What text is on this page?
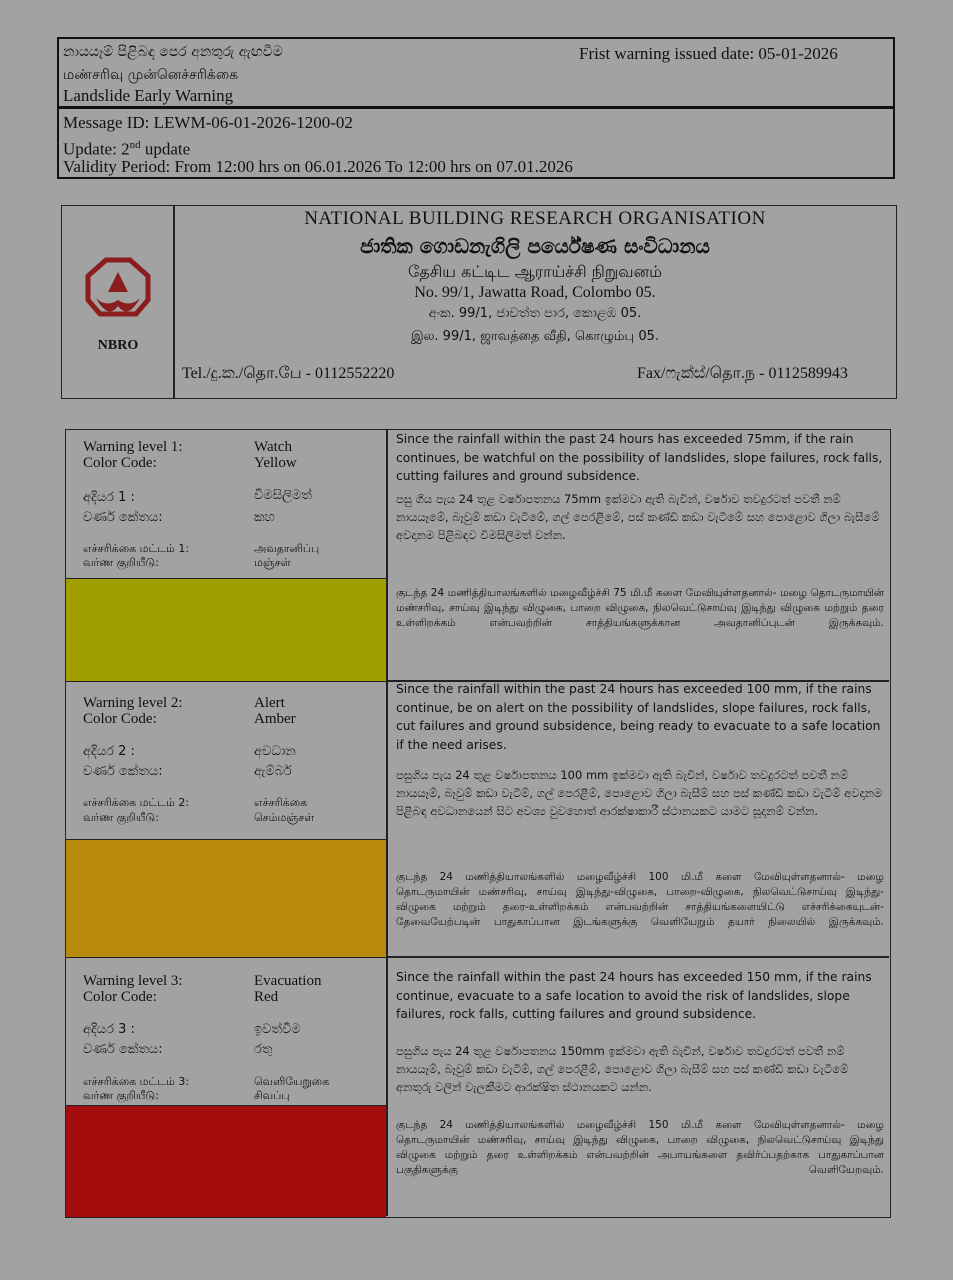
නායයෑම් පිළිබඳ පෙර අනතුරු ඇඟවීම
மண்சரிவு முன்னெச்சரிக்கை
Landslide Early Warning
Frist warning issued date: 05-01-2026
Message ID: LEWM-06-01-2026-1200-02
Update: 2nd update
Validity Period: From 12:00 hrs on 06.01.2026 To 12:00 hrs on 07.01.2026
NBRO
NATIONAL BUILDING RESEARCH ORGANISATION
ජාතික ගොඩනැගිලි පර්යේෂණ සංවිධානය
தேசிய கட்டிட ஆராய்ச்சி நிறுவனம்
No. 99/1, Jawatta Road, Colombo 05.
අංක. 99/1, ජාවත්ත පාර, කොළඹ 05.
இல. 99/1, ஜாவத்தை வீதி, கொழும்பு 05.
Tel./දු.ක./தொ.பே - 0112552220	Fax/ෆැක්ස්/தொ.ந - 0112589943
Warning level 1:	Watch
Color Code:	Yellow
අදියර 1 :	විමසිලිමත්
වර්ණ කේතය:	කහ
எச்சரிக்கை மட்டம் 1:	அவதானிப்பு
வர்ண குறியீடு:	மஞ்சள்
Since the rainfall within the past 24 hours has exceeded 75mm, if the rain continues, be watchful on the possibility of landslides, slope failures, rock falls, cutting failures and ground subsidence.
පසු ගිය පැය 24 තුළ වර්ෂාපතනය 75mm ඉක්මවා ඇති බැවින්, වර්ෂාව තවදුරටත් පවතී නම් නායයෑමේ, බෑවුම් කඩා වැටීමේ, ගල් පෙරළීමේ, පස් කණ්ඩි කඩා වැටීමේ සහ පොළොව ගිලා බැසීමේ අවදානම පිළිබඳව විමසිලිමත් වන්න.
குடந்த 24 மணித்தியாலங்களில் மழைவீழ்ச்சி 75 மி.மீ களை மேவியுள்ளதனால்- மழை தொடருமாயின் மண்சரிவு, சாய்வு இடிந்து விழுகை, பாறை விழுகை, நிலவெட்டுசாய்வு இடிந்து விழுகை மற்றும் தரை உள்ளிறக்கம் என்பவற்றின் சாத்தியங்களுக்கான அவதானிப்புடன் இருக்கவும்.
Warning level 2:	Alert
Color Code:	Amber
අදියර 2 :	අවධාන
වර්ණ කේතය:	ඇම්බර්
எச்சரிக்கை மட்டம் 2:	எச்சரிக்கை
வர்ண குறியீடு:	செம்மஞ்சள்
Since the rainfall within the past 24 hours has exceeded 100 mm, if the rains continue, be on alert on the possibility of landslides, slope failures, rock falls, cut failures and ground subsidence, being ready to evacuate to a safe location if the need arises.
පසුගිය පැය 24 තුළ වර්ෂාපතනය 100 mm ඉක්මවා ඇති බැවින්, වර්ෂාව තවදුරටත් පවතී නම් නායයෑම්, බෑවුම් කඩා වැටීම්, ගල් පෙරළීම්, පොළොව ගිලා බැසීම් සහ පස් කණ්ඩි කඩා වැටීම් අවදානම පිළිබඳ අවධානයෙන් සිට අවශ්‍ය වුවහොත් ආරක්ෂාකාරී ස්ථානයකට යාමට සූදානම් වන්න.
குடந்த 24 மணித்தியாலங்களில் மழைவீழ்ச்சி 100 மி.மீ களை மேவியுள்ளதனால்- மழை தொடருமாயின் மண்சரிவு, சாய்வு இடிந்து-விழுகை, பாறை-விழுகை, நிலவெட்டுசாய்வு இடிந்து-விழுகை மற்றும் தரை-உள்ளிறக்கம் என்பவற்றின் சாத்தியங்களையிட்டு எச்சரிக்கையுடன்- தேவையேற்படின் பாதுகாப்பான இடங்களுக்கு வெளியேறும் தயார் நிலையில் இருக்கவும்.
Warning level 3:	Evacuation
Color Code:	Red
අදියර 3 :	ඉවත්වීම
වර්ණ කේතය:	රතු
எச்சரிக்கை மட்டம் 3:	வெளியேறுகை
வர்ண குறியீடு:	சிவப்பு
Since the rainfall within the past 24 hours has exceeded 150 mm, if the rains continue, evacuate to a safe location to avoid the risk of landslides, slope failures, rock falls, cutting failures and ground subsidence.
පසුගිය පැය 24 තුළ වර්ෂාපතනය 150mm ඉක්මවා ඇති බැවින්, වර්ෂාව තවදුරටත් පවතී නම් නායයෑම්, බෑවුම් කඩා වැටීම්, ගල් පෙරළීම්, පොළොව ගිලා බැසීම් සහ පස් කණ්ඩි කඩා වැටීමේ අනතුරු වලින් වැලකීමට ආරක්ෂිත ස්ථානයකට යන්න.
குடந்த 24 மணித்தியாலங்களில் மழைவீழ்ச்சி 150 மி.மீ களை மேவியுள்ளதனால்- மழை தொடருமாயின் மண்சரிவு, சாய்வு இடிந்து விழுகை, பாறை விழுகை, நிலவெட்டுசாய்வு இடிந்து விழுகை மற்றும் தரை உள்ளிறக்கம் என்பவற்றின் அபாயங்களை தவிர்ப்பதற்காக பாதுகாப்பான பகுதிகளுக்கு வெளியேறவும்.
